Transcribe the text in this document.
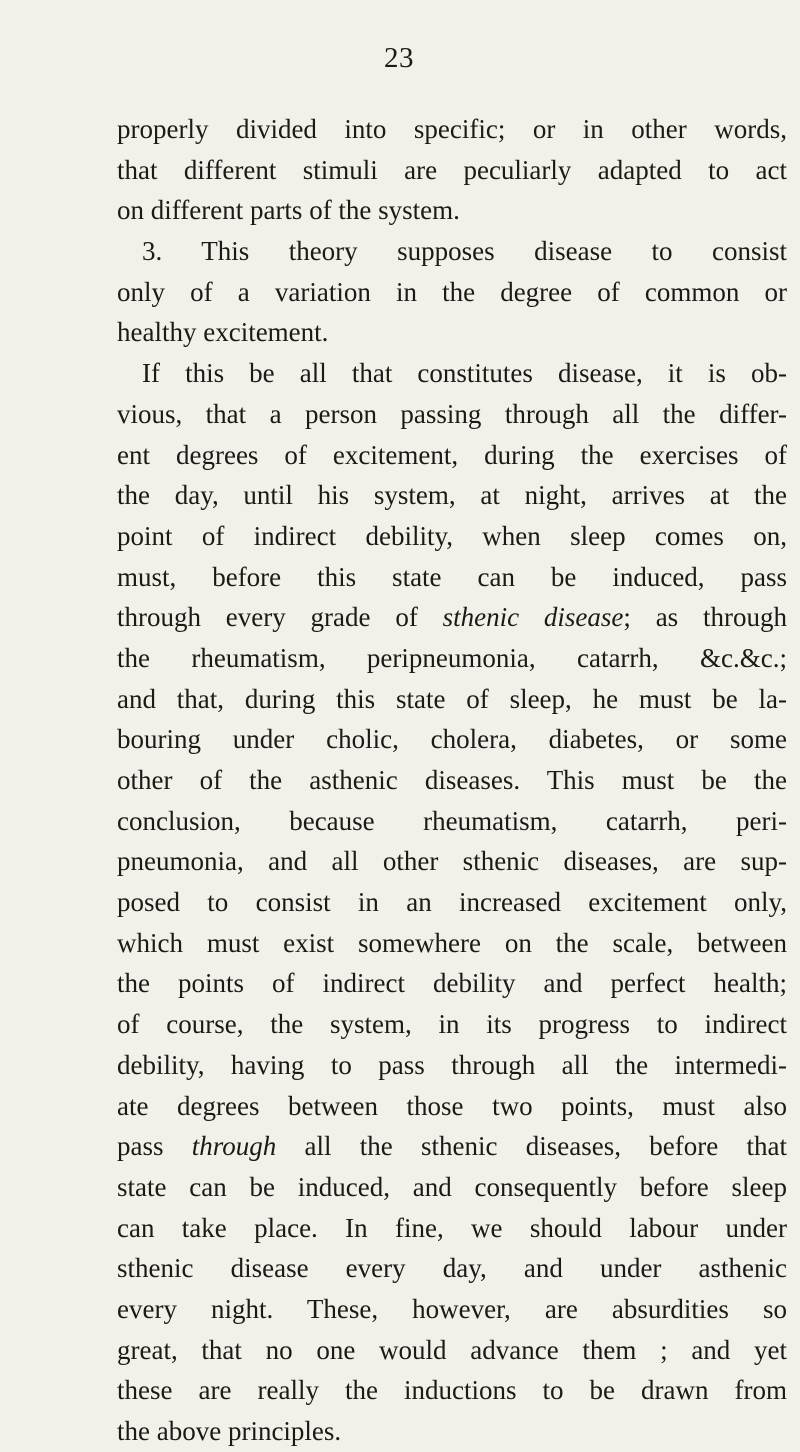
23
properly divided into specific; or in other words,
that different stimuli are peculiarly adapted to act
on different parts of the system.
3. This theory supposes disease to consist
only of a variation in the degree of common or
healthy excitement.
If this be all that constitutes disease, it is ob-
vious, that a person passing through all the differ-
ent degrees of excitement, during the exercises of
the day, until his system, at night, arrives at the
point of indirect debility, when sleep comes on,
must, before this state can be induced, pass
through every grade of sthenic disease; as through
the rheumatism, peripneumonia, catarrh, &c.&c.;
and that, during this state of sleep, he must be la-
bouring under cholic, cholera, diabetes, or some
other of the asthenic diseases. This must be the
conclusion, because rheumatism, catarrh, peri-
pneumonia, and all other sthenic diseases, are sup-
posed to consist in an increased excitement only,
which must exist somewhere on the scale, between
the points of indirect debility and perfect health;
of course, the system, in its progress to indirect
debility, having to pass through all the intermedi-
ate degrees between those two points, must also
pass through all the sthenic diseases, before that
state can be induced, and consequently before sleep
can take place. In fine, we should labour under
sthenic disease every day, and under asthenic
every night. These, however, are absurdities so
great, that no one would advance them ; and yet
these are really the inductions to be drawn from
the above principles.
